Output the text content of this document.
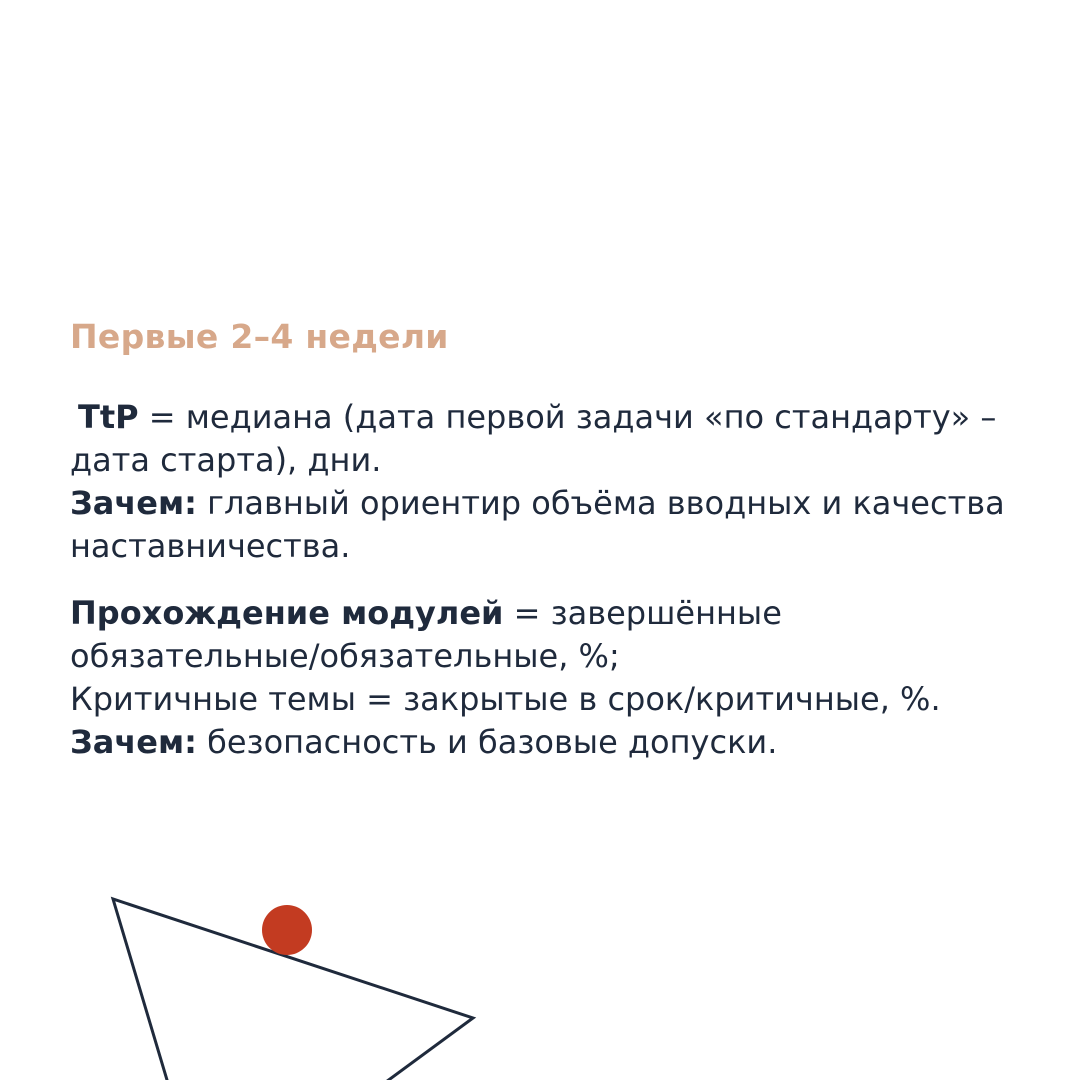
Первые 2–4 недели

TtP = медиана (дата первой задачи «по стандарту» – дата старта), дни.
Зачем: главный ориентир объёма вводных и качества наставничества.

Прохождение модулей = завершённые обязательные/обязательные, %;
Критичные темы = закрытые в срок/критичные, %.
Зачем: безопасность и базовые допуски.
